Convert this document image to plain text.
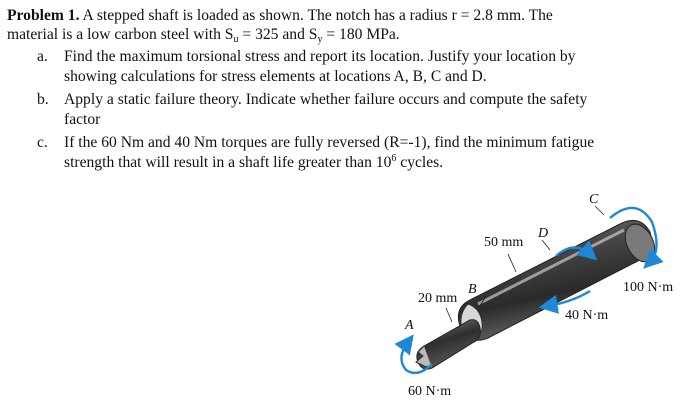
Problem 1. A stepped shaft is loaded as shown. The notch has a radius r = 2.8 mm. The
material is a low carbon steel with $S_u = 325$ and $S_y = 180$ MPa.
a. Find the maximum torsional stress and report its location. Justify your location by
showing calculations for stress elements at locations A, B, C and D.
b. Apply a static failure theory. Indicate whether failure occurs and compute the safety
factor
c. If the 60 Nm and 40 Nm torques are fully reversed (R=-1), find the minimum fatigue
strength that will result in a shaft life greater than $10^6$ cycles.
50 mm
20 mm
A
B
D
C
100 N·m
40 N·m
60 N·m
